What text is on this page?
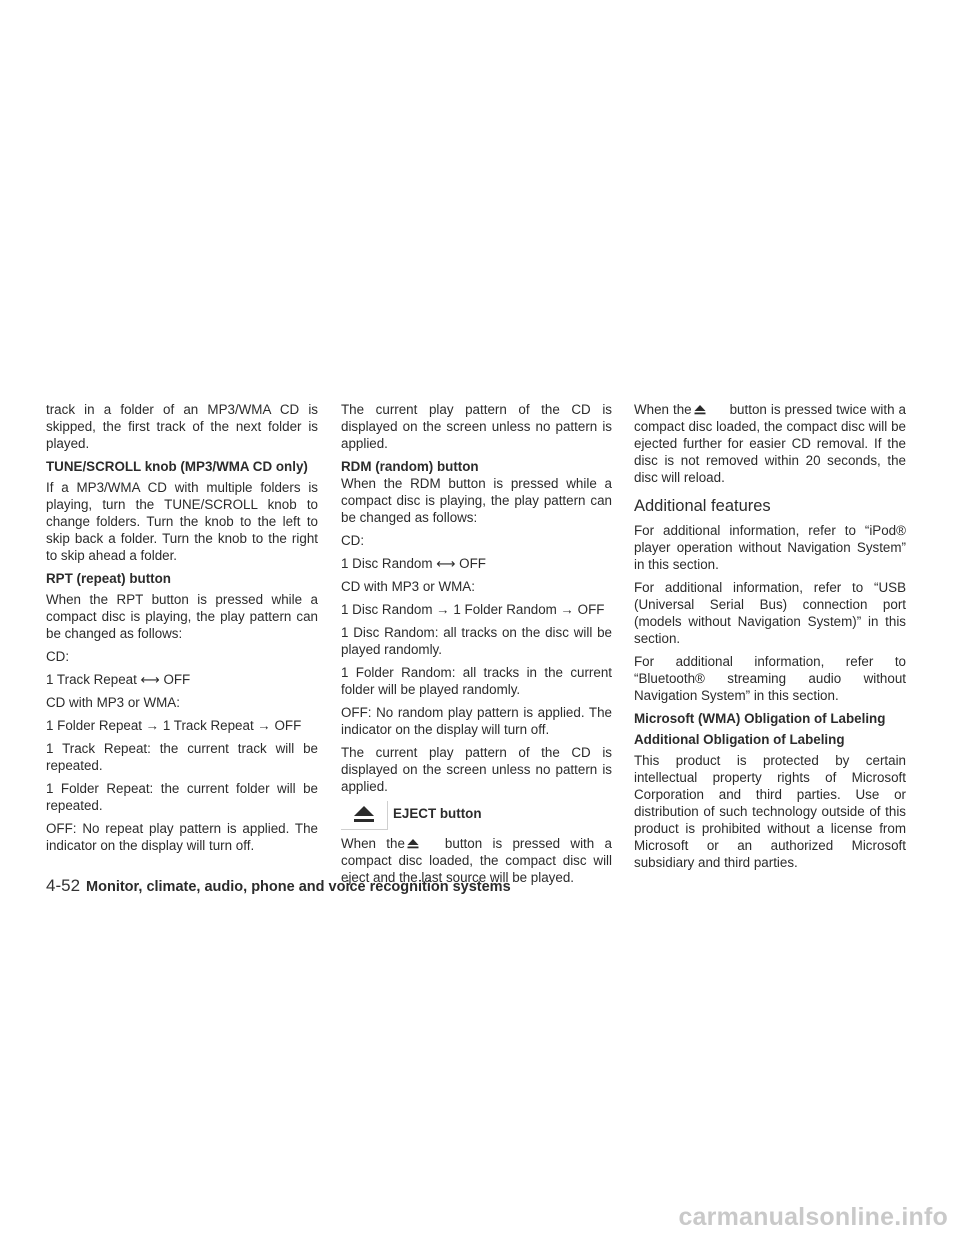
track in a folder of an MP3/WMA CD is skipped, the first track of the next folder is played.

TUNE/SCROLL knob (MP3/WMA CD only)

If a MP3/WMA CD with multiple folders is playing, turn the TUNE/SCROLL knob to change folders. Turn the knob to the left to skip back a folder. Turn the knob to the right to skip ahead a folder.

RPT (repeat) button

When the RPT button is pressed while a compact disc is playing, the play pattern can be changed as follows:

CD:

1 Track Repeat ⟷ OFF

CD with MP3 or WMA:

1 Folder Repeat → 1 Track Repeat → OFF

1 Track Repeat: the current track will be repeated.

1 Folder Repeat: the current folder will be repeated.

OFF: No repeat play pattern is applied. The indicator on the display will turn off.

The current play pattern of the CD is displayed on the screen unless no pattern is applied.

RDM (random) button

When the RDM button is pressed while a compact disc is playing, the play pattern can be changed as follows:

CD:

1 Disc Random ⟷ OFF

CD with MP3 or WMA:

1 Disc Random → 1 Folder Random → OFF

1 Disc Random: all tracks on the disc will be played randomly.

1 Folder Random: all tracks in the current folder will be played randomly.

OFF: No random play pattern is applied. The indicator on the display will turn off.

The current play pattern of the CD is displayed on the screen unless no pattern is applied.

EJECT button

When the	button is pressed with a compact disc loaded, the compact disc will eject and the last source will be played.

When the	button is pressed twice with a compact disc loaded, the compact disc will be ejected further for easier CD removal. If the disc is not removed within 20 seconds, the disc will reload.

Additional features

For additional information, refer to “iPod® player operation without Navigation System” in this section.

For additional information, refer to “USB (Universal Serial Bus) connection port (models without Navigation System)” in this section.

For additional information, refer to “Bluetooth® streaming audio without Navigation System” in this section.

Microsoft (WMA) Obligation of Labeling

Additional Obligation of Labeling

This product is protected by certain intellectual property rights of Microsoft Corporation and third parties. Use or distribution of such technology outside of this product is prohibited without a license from Microsoft or an authorized Microsoft subsidiary and third parties.

4-52 Monitor, climate, audio, phone and voice recognition systems
carmanualsonline.info
